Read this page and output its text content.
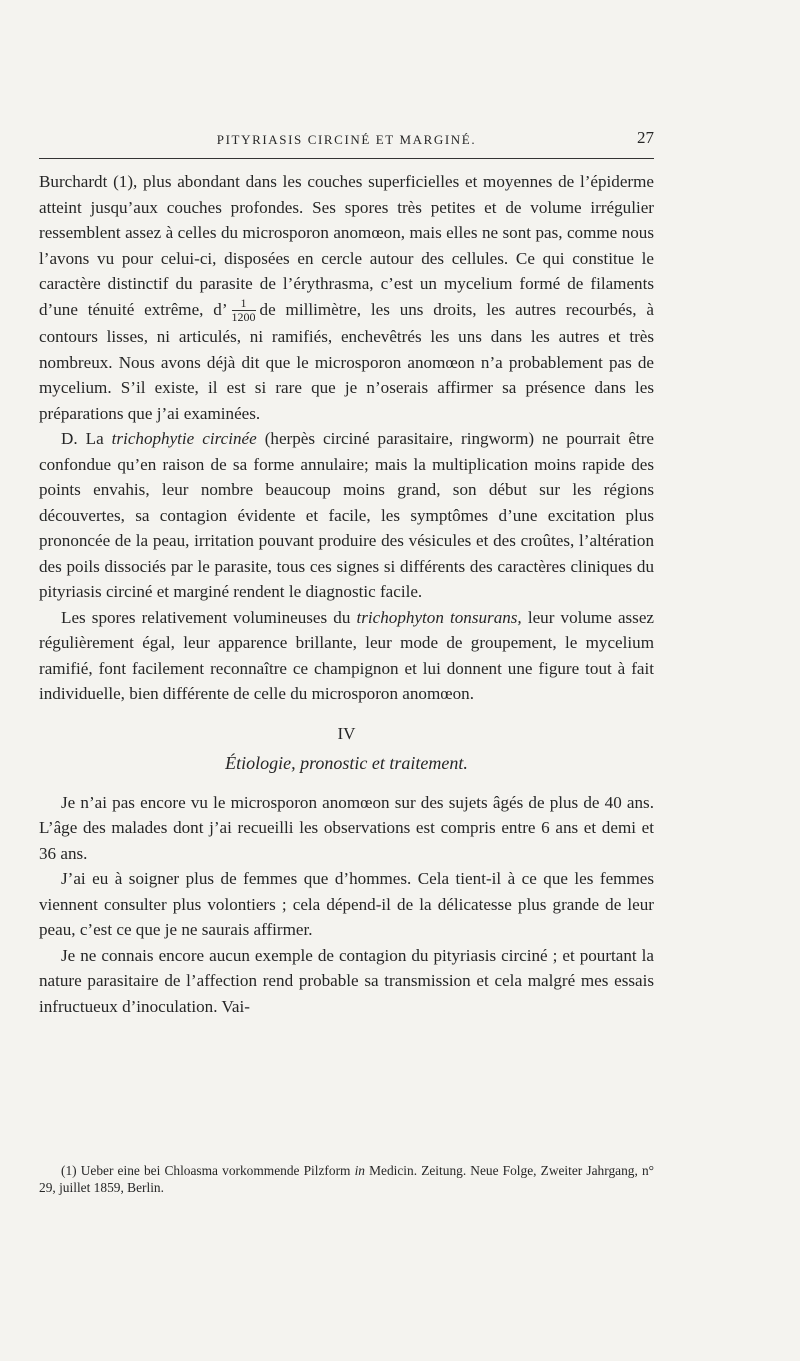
PITYRIASIS CIRCINÉ ET MARGINÉ.	27

Burchardt (1), plus abondant dans les couches superficielles et moyennes de l’épiderme atteint jusqu’aux couches profondes. Ses spores très petites et de volume irrégulier ressemblent assez à celles du microsporon anomœon, mais elles ne sont pas, comme nous l’avons vu pour celui-ci, disposées en cercle autour des cellules. Ce qui constitue le caractère distinctif du parasite de l’érythrasma, c’est un mycelium formé de filaments d’une ténuité extrême, d’ $\frac{1}{1200}$ de millimètre, les uns droits, les autres recourbés, à contours lisses, ni articulés, ni ramifiés, enchevêtrés les uns dans les autres et très nombreux. Nous avons déjà dit que le microsporon anomœon n’a probablement pas de mycelium. S’il existe, il est si rare que je n’oserais affirmer sa présence dans les préparations que j’ai examinées.

D. La trichophytie circinée (herpès circiné parasitaire, ringworm) ne pourrait être confondue qu’en raison de sa forme annulaire; mais la multiplication moins rapide des points envahis, leur nombre beaucoup moins grand, son début sur les régions découvertes, sa contagion évidente et facile, les symptômes d’une excitation plus prononcée de la peau, irritation pouvant produire des vésicules et des croûtes, l’altération des poils dissociés par le parasite, tous ces signes si différents des caractères cliniques du pityriasis circiné et marginé rendent le diagnostic facile.

Les spores relativement volumineuses du trichophyton tonsurans, leur volume assez régulièrement égal, leur apparence brillante, leur mode de groupement, le mycelium ramifié, font facilement reconnaître ce champignon et lui donnent une figure tout à fait individuelle, bien différente de celle du microsporon anomœon.

IV
Étiologie, pronostic et traitement.

Je n’ai pas encore vu le microsporon anomœon sur des sujets âgés de plus de 40 ans. L’âge des malades dont j’ai recueilli les observations est compris entre 6 ans et demi et 36 ans.

J’ai eu à soigner plus de femmes que d’hommes. Cela tient-il à ce que les femmes viennent consulter plus volontiers ; cela dépend-il de la délicatesse plus grande de leur peau, c’est ce que je ne saurais affirmer.

Je ne connais encore aucun exemple de contagion du pityriasis circiné ; et pourtant la nature parasitaire de l’affection rend probable sa transmission et cela malgré mes essais infructueux d’inoculation. Vai-

(1) Ueber eine bei Chloasma vorkommende Pilzform in Medicin. Zeitung. Neue Folge, Zweiter Jahrgang, n° 29, juillet 1859, Berlin.
